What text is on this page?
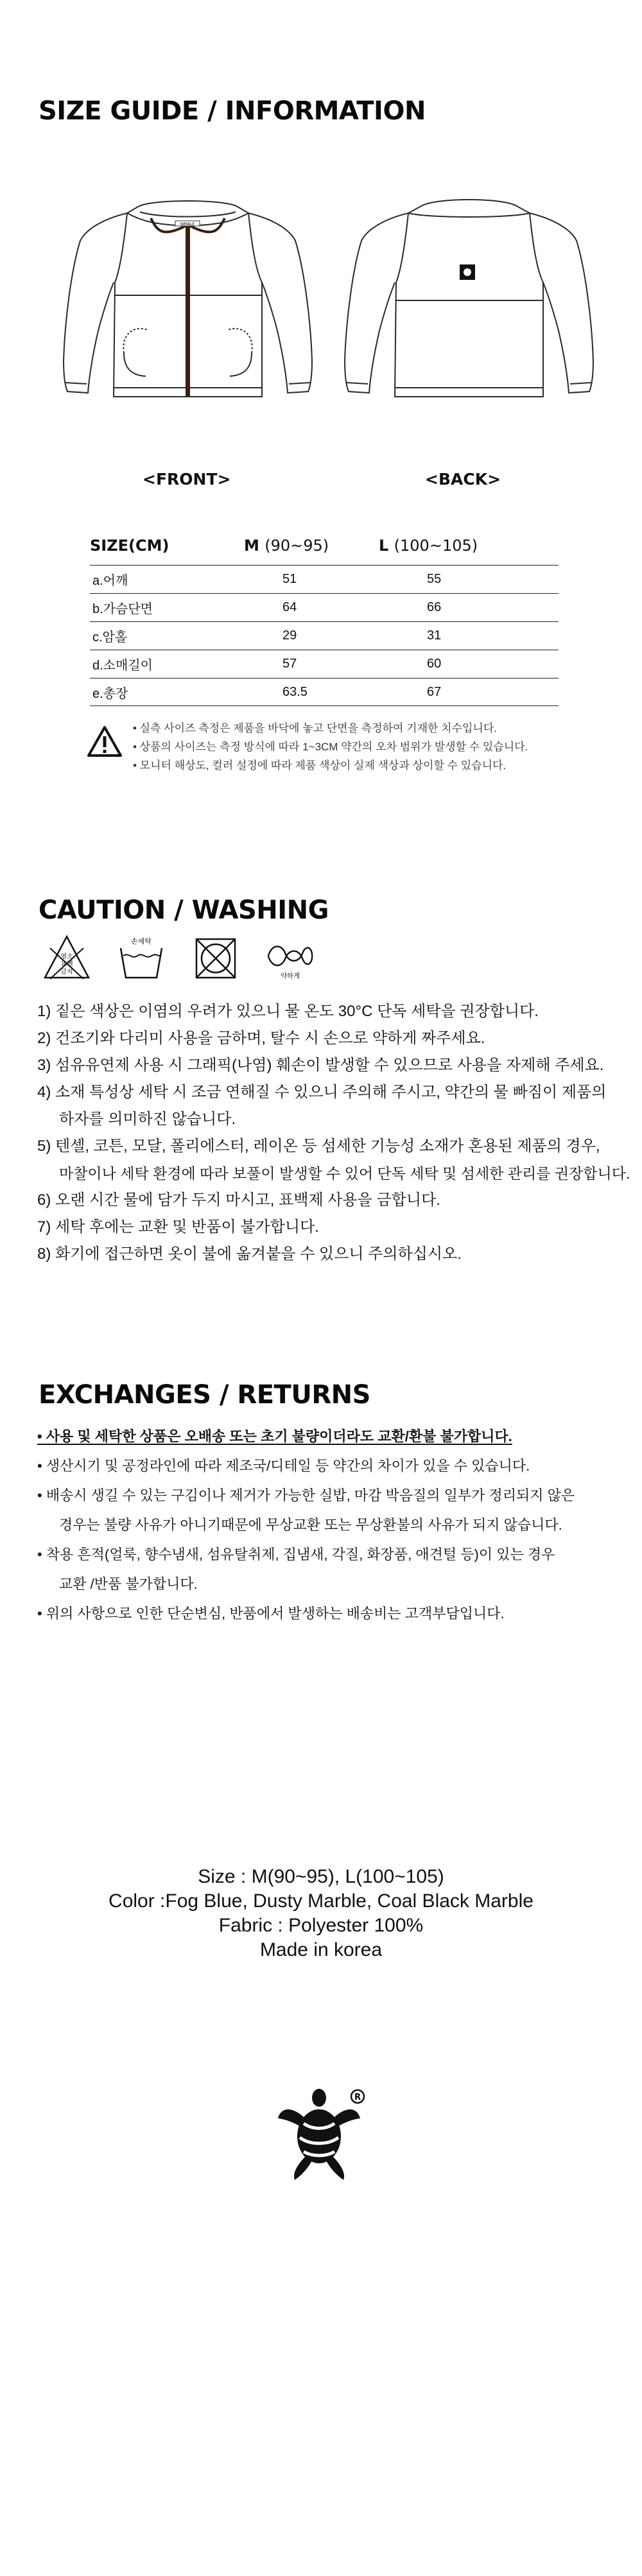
SIZE GUIDE / INFORMATION
WMALE
<FRONT>	<BACK>
SIZE(CM)	M (90~95)	L (100~105)
a.어깨	51	55
b.가슴단면	64	66
c.암홀	29	31
d.소매길이	57	60
e.총장	63.5	67
• 실측 사이즈 측정은 제품을 바닥에 놓고 단면을 측정하여 기재한 치수입니다.
• 상품의 사이즈는 측정 방식에 따라 1~3CM 약간의 오차 범위가 발생할 수 있습니다.
• 모니터 해상도, 컬러 설정에 따라 제품 색상이 실제 색상과 상이할 수 있습니다.
CAUTION / WASHING
염소
표백
금지
손세탁
약하게
1) 짙은 색상은 이염의 우려가 있으니 물 온도 30°C 단독 세탁을 권장합니다.
2) 건조기와 다리미 사용을 금하며, 탈수 시 손으로 약하게 짜주세요.
3) 섬유유연제 사용 시 그래픽(나염) 훼손이 발생할 수 있으므로 사용을 자제해 주세요.
4) 소재 특성상 세탁 시 조금 연해질 수 있으니 주의해 주시고, 약간의 물 빠짐이 제품의
하자를 의미하진 않습니다.
5) 텐셀, 코튼, 모달, 폴리에스터, 레이온 등 섬세한 기능성 소재가 혼용된 제품의 경우,
마찰이나 세탁 환경에 따라 보풀이 발생할 수 있어 단독 세탁 및 섬세한 관리를 권장합니다.
6) 오랜 시간 물에 담가 두지 마시고, 표백제 사용을 금합니다.
7) 세탁 후에는 교환 및 반품이 불가합니다.
8) 화기에 접근하면 옷이 불에 옮겨붙을 수 있으니 주의하십시오.
EXCHANGES / RETURNS
• 사용 및 세탁한 상품은 오배송 또는 초기 불량이더라도 교환/환불 불가합니다.
• 생산시기 및 공정라인에 따라 제조국/디테일 등 약간의 차이가 있을 수 있습니다.
• 배송시 생길 수 있는 구김이나 제거가 가능한 실밥, 마감 박음질의 일부가 정리되지 않은
경우는 불량 사유가 아니기때문에 무상교환 또는 무상환불의 사유가 되지 않습니다.
• 착용 흔적(얼룩, 향수냄새, 섬유탈취제, 집냄새, 각질, 화장품, 애견털 등)이 있는 경우
교환 /반품 불가합니다.
• 위의 사항으로 인한 단순변심, 반품에서 발생하는 배송비는 고객부담입니다.
Size : M(90~95), L(100~105)
Color :Fog Blue, Dusty Marble, Coal Black Marble
Fabric : Polyester 100%
Made in korea
R
